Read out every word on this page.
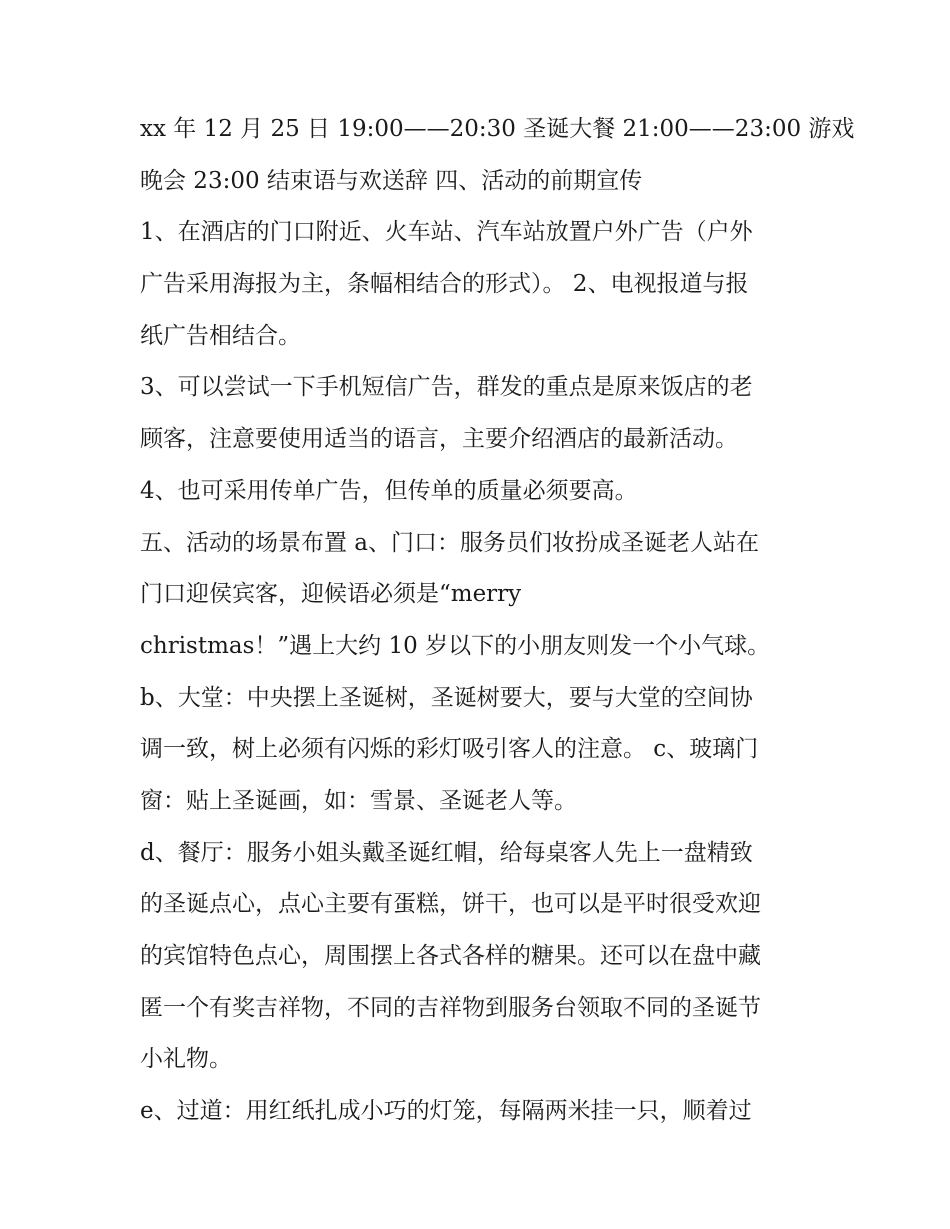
xx 年 12 月 25 日 19:00——20:30 圣诞大餐 21:00——23:00 游戏
晚会 23:00 结束语与欢送辞 四、活动的前期宣传
1、在酒店的门口附近、火车站、汽车站放置户外广告（户外
广告采用海报为主，条幅相结合的形式）。 2、电视报道与报
纸广告相结合。
3、可以尝试一下手机短信广告，群发的重点是原来饭店的老
顾客，注意要使用适当的语言，主要介绍酒店的最新活动。
4、也可采用传单广告，但传单的质量必须要高。
五、活动的场景布置 a、门口：服务员们妆扮成圣诞老人站在
门口迎侯宾客，迎候语必须是“merry
christmas！”遇上大约 10 岁以下的小朋友则发一个小气球。
b、大堂：中央摆上圣诞树，圣诞树要大，要与大堂的空间协
调一致，树上必须有闪烁的彩灯吸引客人的注意。 c、玻璃门
窗：贴上圣诞画，如：雪景、圣诞老人等。
d、餐厅：服务小姐头戴圣诞红帽，给每桌客人先上一盘精致
的圣诞点心，点心主要有蛋糕，饼干，也可以是平时很受欢迎
的宾馆特色点心，周围摆上各式各样的糖果。还可以在盘中藏
匿一个有奖吉祥物，不同的吉祥物到服务台领取不同的圣诞节
小礼物。
e、过道：用红纸扎成小巧的灯笼，每隔两米挂一只，顺着过
